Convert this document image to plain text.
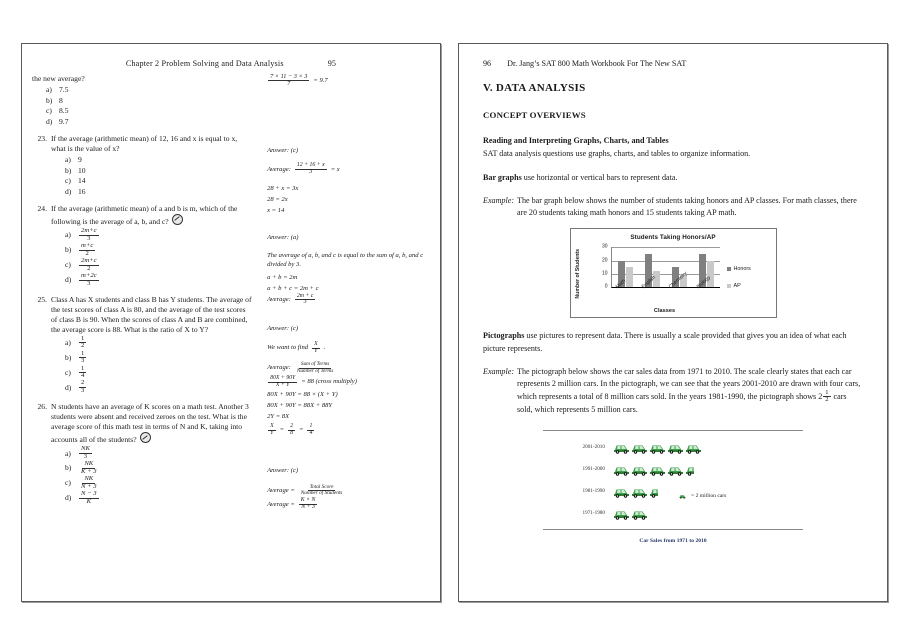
Chapter 2 Problem Solving and Data Analysis	95
the new average?
a) 7.5
b) 8
c) 8.5
d) 9.7
23. If the average (arithmetic mean) of 12, 16 and x is equal to x, what is the value of x?
a) 9
b) 10
c) 14
d) 16
24. If the average (arithmetic mean) of a and b is m, which of the following is the average of a, b, and c?
a)	$\frac{2m+c}{3}$
b)	$\frac{m+c}{2}$
c)	$\frac{2m+c}{2}$
d)	$\frac{m+2c}{3}$
25. Class A has X students and class B has Y students. The average of the test scores of class A is 80, and the average of the test scores of class B is 90. When the scores of class A and B are combined, the average score is 88. What is the ratio of X to Y?
a)	$\frac{1}{2}$
b)	$\frac{1}{3}$
c)	$\frac{1}{4}$
d)	$\frac{2}{3}$
26. N students have an average of K scores on a math test. Another 3 students were absent and received zeroes on the test. What is the average score of this math test in terms of N and K, taking into accounts all of the students?
a)	$\frac{NK}{3}$
b)	$\frac{NK}{K + 3}$
c)	$\frac{NK}{N + 3}$
d)	$\frac{N - 3}{K}$
$\frac{7 \times 11 - 3 \times 3}{7} = 9.7$
Answer: (c)
Average: $\frac{12 + 16 + x}{3} = x$
28 + x = 3x
28 = 2x
x = 14
Answer: (a)
The average of a, b, and c is equal to the sum of a, b, and c divided by 3.
a + b = 2m
a + b + c = 2m + c
Average: $\frac{2m + c}{3}$
Answer: (c)
We want to find $\frac{X}{Y}$ .
Average: $\frac{\text{Sum of Terms}}{\text{Number of Terms}}$
$\frac{80X + 90Y}{X + Y} = 88$ (cross multiply)
80X + 90Y = 88 × (X + Y)
80X + 90Y = 88X + 88Y
2Y = 8X
$\frac{X}{Y} = \frac{2}{8} = \frac{1}{4}$
Answer: (c)
Average = $\frac{\text{Total Score}}{\text{Number of Students}}$
Average = $\frac{K \times N}{N + 3}$
96 Dr. Jang’s SAT 800 Math Workbook For The New SAT
V. DATA ANALYSIS
CONCEPT OVERVIEWS
Reading and Interpreting Graphs, Charts, and Tables
SAT data analysis questions use graphs, charts, and tables to organize information.
Bar graphs use horizontal or vertical bars to represent data.
Example: The bar graph below shows the number of students taking honors and AP classes. For math classes, there are 20 students taking math honors and 15 students taking AP math.
Students Taking Honors/AP
Number of Students
30
20
10
0	Math	English	Chemistry	Biology
Classes
Honors
AP
Pictographs use pictures to represent data. There is usually a scale provided that gives you an idea of what each picture represents.
Example: The pictograph below shows the car sales data from 1971 to 2010. The scale clearly states that each car represents 2 million cars. In the pictograph, we can see that the years 2001-2010 are drawn with four cars, which represents a total of 8 million cars sold. In the years 1981-1990, the pictograph shows $2 \frac{1}{2}$ cars sold, which represents 5 million cars.
2001-2010
1991-2000
1981-1990
1971-1980
= 2 million cars
Car Sales from 1971 to 2010
